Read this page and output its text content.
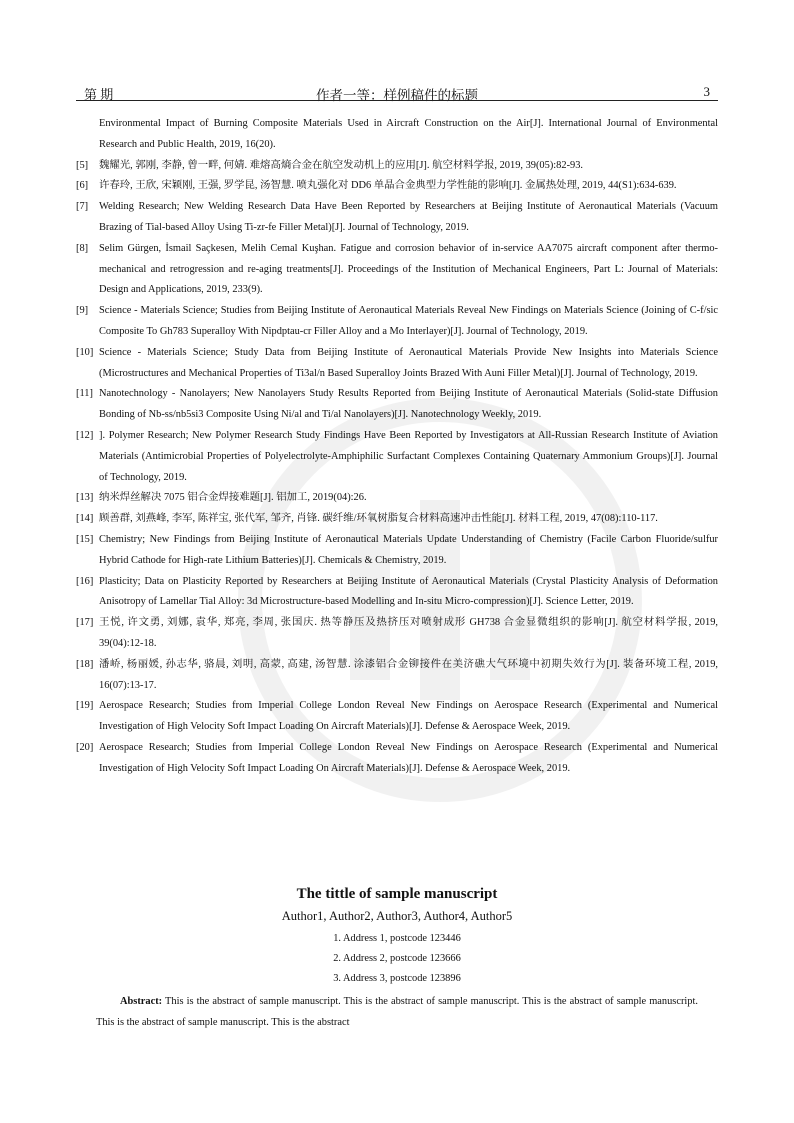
第 期	作者一等：样例稿件的标题	3
Environmental Impact of Burning Composite Materials Used in Aircraft Construction on the Air[J]. International Journal of Environmental Research and Public Health, 2019, 16(20).
[5] 魏耀光, 郭刚, 李静, 曾一畔, 何婧. 难熔高熵合金在航空发动机上的应用[J]. 航空材料学报, 2019, 39(05):82-93.
[6] 许春玲, 王欣, 宋颖刚, 王强, 罗学昆, 汤智慧. 喷丸强化对 DD6 单晶合金典型力学性能的影响[J]. 金属热处理, 2019, 44(S1):634-639.
[7] Welding Research; New Welding Research Data Have Been Reported by Researchers at Beijing Institute of Aeronautical Materials (Vacuum Brazing of Tial-based Alloy Using Ti-zr-fe Filler Metal)[J]. Journal of Technology, 2019.
[8] Selim Gürgen, İsmail Saçkesen, Melih Cemal Kuşhan. Fatigue and corrosion behavior of in-service AA7075 aircraft component after thermo-mechanical and retrogression and re-aging treatments[J]. Proceedings of the Institution of Mechanical Engineers, Part L: Journal of Materials: Design and Applications, 2019, 233(9).
[9] Science - Materials Science; Studies from Beijing Institute of Aeronautical Materials Reveal New Findings on Materials Science (Joining of C-f/sic Composite To Gh783 Superalloy With Nipdptau-cr Filler Alloy and a Mo Interlayer)[J]. Journal of Technology, 2019.
[10] Science - Materials Science; Study Data from Beijing Institute of Aeronautical Materials Provide New Insights into Materials Science (Microstructures and Mechanical Properties of Ti3al/n Based Superalloy Joints Brazed With Auni Filler Metal)[J]. Journal of Technology, 2019.
[11] Nanotechnology - Nanolayers; New Nanolayers Study Results Reported from Beijing Institute of Aeronautical Materials (Solid-state Diffusion Bonding of Nb-ss/nb5si3 Composite Using Ni/al and Ti/al Nanolayers)[J]. Nanotechnology Weekly, 2019.
[12] ]. Polymer Research; New Polymer Research Study Findings Have Been Reported by Investigators at All-Russian Research Institute of Aviation Materials (Antimicrobial Properties of Polyelectrolyte-Amphiphilic Surfactant Complexes Containing Quaternary Ammonium Groups)[J]. Journal of Technology, 2019.
[13] 纳米焊丝解决 7075 铝合金焊接难题[J]. 铝加工, 2019(04):26.
[14] 顾善群, 刘燕峰, 李军, 陈祥宝, 张代军, 邹齐, 肖锋. 碳纤维/环氧树脂复合材料高速冲击性能[J]. 材料工程, 2019, 47(08):110-117.
[15] Chemistry; New Findings from Beijing Institute of Aeronautical Materials Update Understanding of Chemistry (Facile Carbon Fluoride/sulfur Hybrid Cathode for High-rate Lithium Batteries)[J]. Chemicals & Chemistry, 2019.
[16] Plasticity; Data on Plasticity Reported by Researchers at Beijing Institute of Aeronautical Materials (Crystal Plasticity Analysis of Deformation Anisotropy of Lamellar Tial Alloy: 3d Microstructure-based Modelling and In-situ Micro-compression)[J]. Science Letter, 2019.
[17] 王悦, 许文勇, 刘娜, 袁华, 郑亮, 李周, 张国庆. 热等静压及热挤压对喷射成形 GH738 合金显微组织的影响[J]. 航空材料学报, 2019, 39(04):12-18.
[18] 潘峤, 杨丽媛, 孙志华, 骆晨, 刘明, 高蒙, 高建, 汤智慧. 涂漆铝合金铆接件在美济礁大气环境中初期失效行为[J]. 装备环境工程, 2019, 16(07):13-17.
[19] Aerospace Research; Studies from Imperial College London Reveal New Findings on Aerospace Research (Experimental and Numerical Investigation of High Velocity Soft Impact Loading On Aircraft Materials)[J]. Defense & Aerospace Week, 2019.
[20] Aerospace Research; Studies from Imperial College London Reveal New Findings on Aerospace Research (Experimental and Numerical Investigation of High Velocity Soft Impact Loading On Aircraft Materials)[J]. Defense & Aerospace Week, 2019.
The tittle of sample manuscript
Author1, Author2, Author3, Author4, Author5
1. Address 1, postcode 123446
2. Address 2, postcode 123666
3. Address 3, postcode 123896
Abstract: This is the abstract of sample manuscript. This is the abstract of sample manuscript. This is the abstract of sample manuscript. This is the abstract of sample manuscript. This is the abstract
